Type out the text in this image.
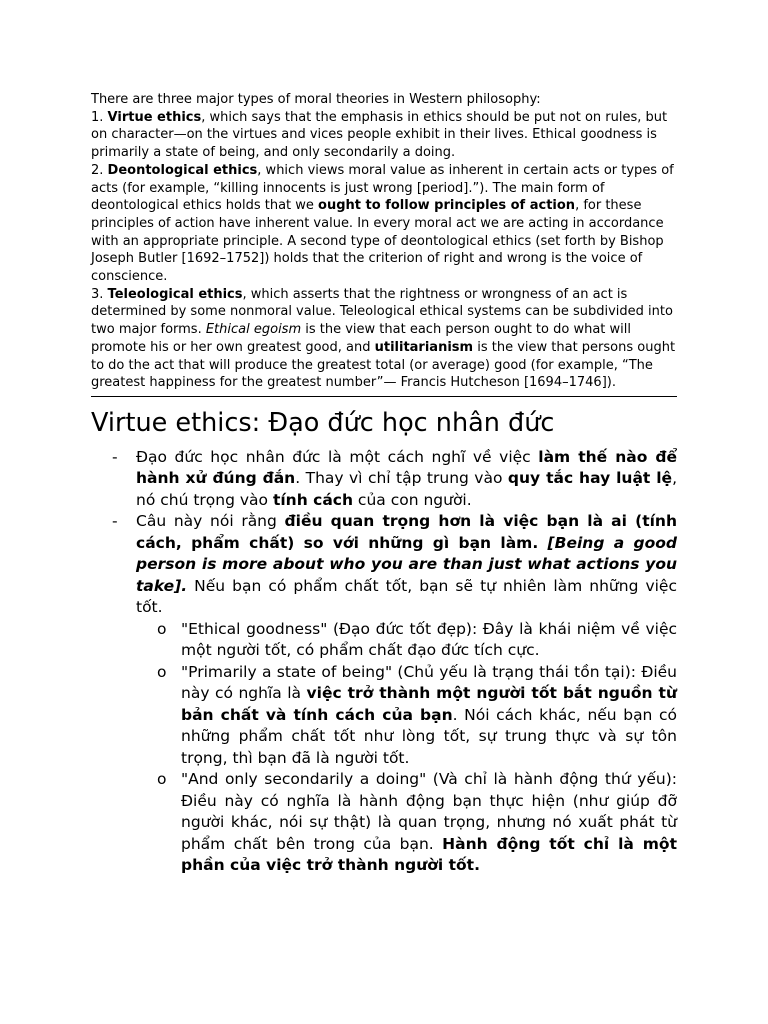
There are three major types of moral theories in Western philosophy:

1. Virtue ethics, which says that the emphasis in ethics should be put not on rules, but on character—on the virtues and vices people exhibit in their lives. Ethical goodness is primarily a state of being, and only secondarily a doing.

2. Deontological ethics, which views moral value as inherent in certain acts or types of acts (for example, “killing innocents is just wrong [period].”). The main form of deontological ethics holds that we ought to follow principles of action, for these principles of action have inherent value. In every moral act we are acting in accordance with an appropriate principle. A second type of deontological ethics (set forth by Bishop Joseph Butler [1692–1752]) holds that the criterion of right and wrong is the voice of conscience.

3. Teleological ethics, which asserts that the rightness or wrongness of an act is determined by some nonmoral value. Teleological ethical systems can be subdivided into two major forms. Ethical egoism is the view that each person ought to do what will promote his or her own greatest good, and utilitarianism is the view that persons ought to do the act that will produce the greatest total (or average) good (for example, “The greatest happiness for the greatest number”— Francis Hutcheson [1694–1746]).

Virtue ethics: Đạo đức học nhân đức
- Đạo đức học nhân đức là một cách nghĩ về việc làm thế nào để hành xử đúng đắn. Thay vì chỉ tập trung vào quy tắc hay luật lệ, nó chú trọng vào tính cách của con người.
- Câu này nói rằng điều quan trọng hơn là việc bạn là ai (tính cách, phẩm chất) so với những gì bạn làm. [Being a good person is more about who you are than just what actions you take]. Nếu bạn có phẩm chất tốt, bạn sẽ tự nhiên làm những việc tốt.
o "Ethical goodness" (Đạo đức tốt đẹp): Đây là khái niệm về việc một người tốt, có phẩm chất đạo đức tích cực.
o "Primarily a state of being" (Chủ yếu là trạng thái tồn tại): Điều này có nghĩa là việc trở thành một người tốt bắt nguồn từ bản chất và tính cách của bạn. Nói cách khác, nếu bạn có những phẩm chất tốt như lòng tốt, sự trung thực và sự tôn trọng, thì bạn đã là người tốt.
o "And only secondarily a doing" (Và chỉ là hành động thứ yếu): Điều này có nghĩa là hành động bạn thực hiện (như giúp đỡ người khác, nói sự thật) là quan trọng, nhưng nó xuất phát từ phẩm chất bên trong của bạn. Hành động tốt chỉ là một phần của việc trở thành người tốt.
